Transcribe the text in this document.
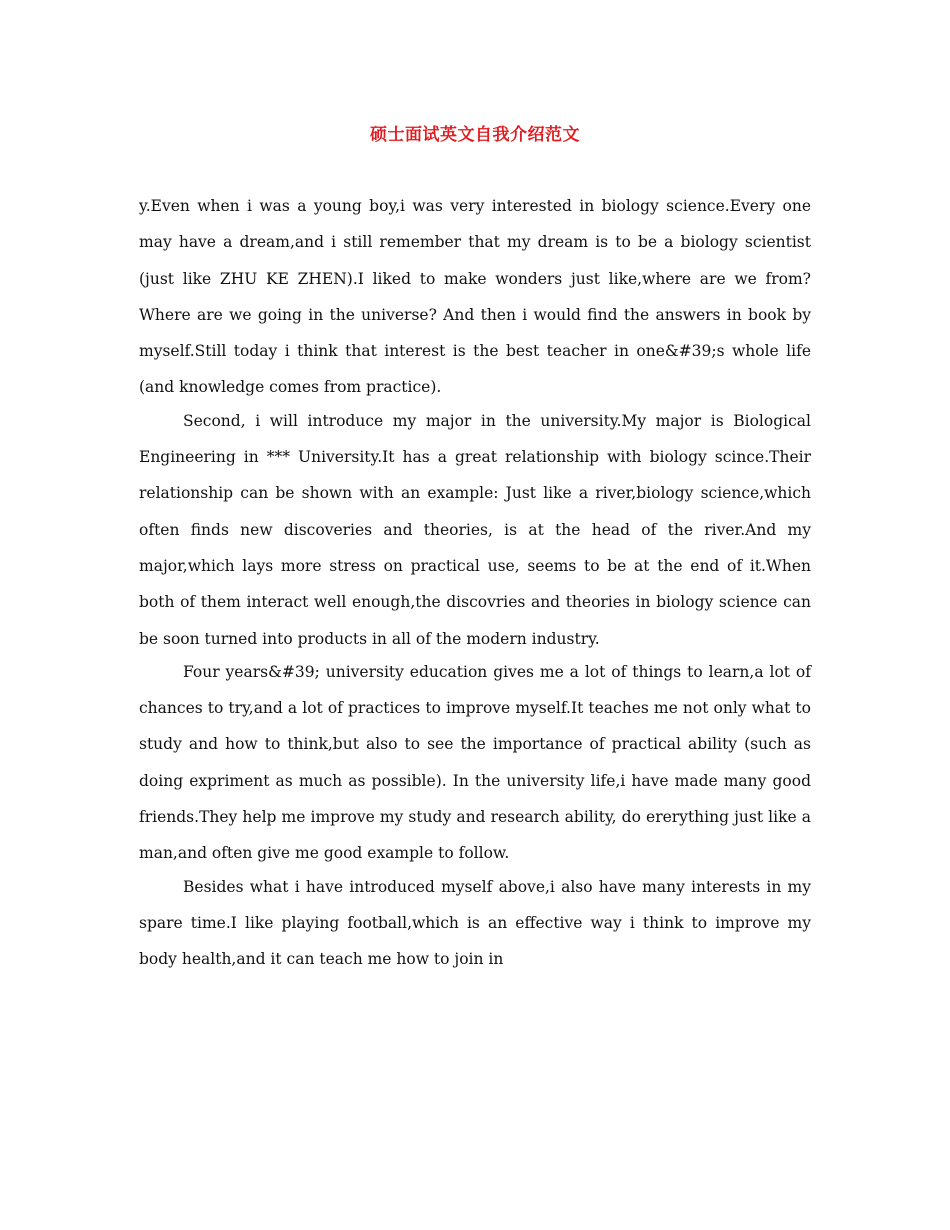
硕士面试英文自我介绍范文

y.Even when i was a young boy,i was very interested in biology science.Every one may have a dream,and i still remember that my dream is to be a biology scientist (just like ZHU KE ZHEN).I liked to make wonders just like,where are we from?Where are we going in the universe? And then i would find the answers in book by myself.Still today i think that interest is the best teacher in one&#39;s whole life (and knowledge comes from practice).

Second, i will introduce my major in the university.My major is Biological Engineering in *** University.It has a great relationship with biology scince.Their relationship can be shown with an example: Just like a river,biology science,which often finds new discoveries and theories, is at the head of the river.And my major,which lays more stress on practical use, seems to be at the end of it.When both of them interact well enough,the discovries and theories in biology science can be soon turned into products in all of the modern industry.

Four years&#39; university education gives me a lot of things to learn,a lot of chances to try,and a lot of practices to improve myself.It teaches me not only what to study and how to think,but also to see the importance of practical ability (such as doing expriment as much as possible). In the university life,i have made many good friends.They help me improve my study and research ability, do ererything just like a man,and often give me good example to follow.

Besides what i have introduced myself above,i also have many interests in my spare time.I like playing football,which is an effective way i think to improve my body health,and it can teach me how to join in
